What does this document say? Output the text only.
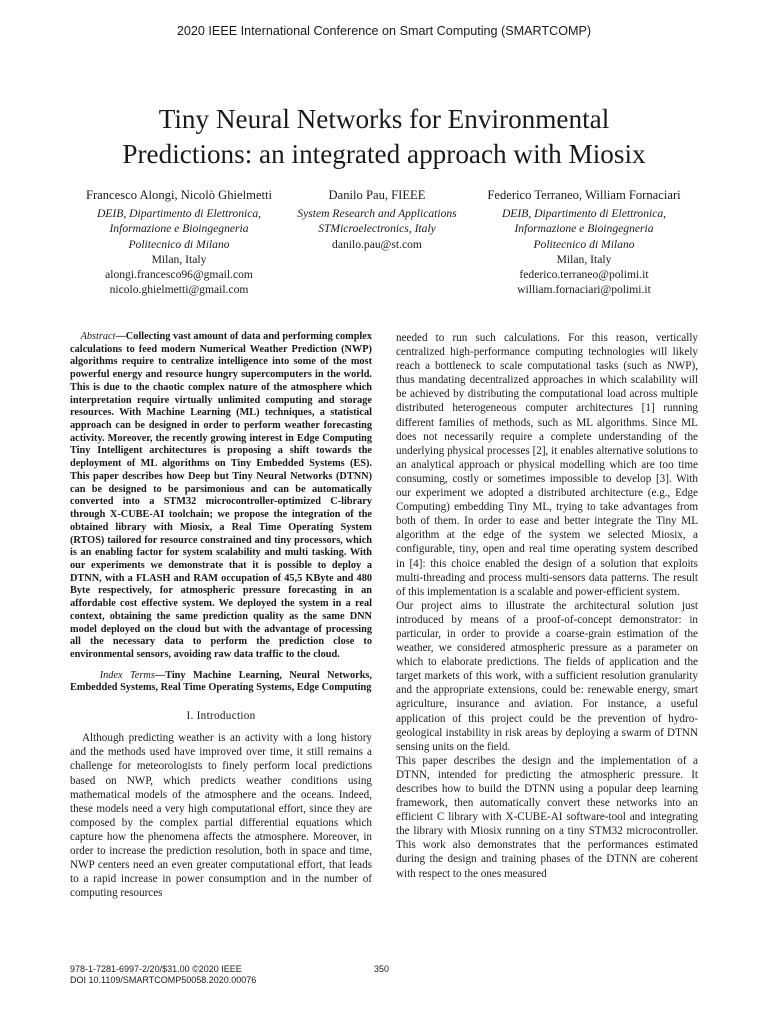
2020 IEEE International Conference on Smart Computing (SMARTCOMP)
Tiny Neural Networks for Environmental
Predictions: an integrated approach with Miosix
Francesco Alongi, Nicolò Ghielmetti
DEIB, Dipartimento di Elettronica,
Informazione e Bioingegneria
Politecnico di Milano
Milan, Italy
alongi.francesco96@gmail.com
nicolo.ghielmetti@gmail.com
Danilo Pau, FIEEE
System Research and Applications
STMicroelectronics, Italy
danilo.pau@st.com
Federico Terraneo, William Fornaciari
DEIB, Dipartimento di Elettronica,
Informazione e Bioingegneria
Politecnico di Milano
Milan, Italy
federico.terraneo@polimi.it
william.fornaciari@polimi.it
Abstract—Collecting vast amount of data and performing complex calculations to feed modern Numerical Weather Prediction (NWP) algorithms require to centralize intelligence into some of the most powerful energy and resource hungry supercomputers in the world. This is due to the chaotic complex nature of the atmosphere which interpretation require virtually unlimited computing and storage resources. With Machine Learning (ML) techniques, a statistical approach can be designed in order to perform weather forecasting activity. Moreover, the recently growing interest in Edge Computing Tiny Intelligent architectures is proposing a shift towards the deployment of ML algorithms on Tiny Embedded Systems (ES). This paper describes how Deep but Tiny Neural Networks (DTNN) can be designed to be parsimonious and can be automatically converted into a STM32 microcontroller-optimized C-library through X-CUBE-AI toolchain; we propose the integration of the obtained library with Miosix, a Real Time Operating System (RTOS) tailored for resource constrained and tiny processors, which is an enabling factor for system scalability and multi tasking. With our experiments we demonstrate that it is possible to deploy a DTNN, with a FLASH and RAM occupation of 45,5 KByte and 480 Byte respectively, for atmospheric pressure forecasting in an affordable cost effective system. We deployed the system in a real context, obtaining the same prediction quality as the same DNN model deployed on the cloud but with the advantage of processing all the necessary data to perform the prediction close to environmental sensors, avoiding raw data traffic to the cloud.
Index Terms—Tiny Machine Learning, Neural Networks, Embedded Systems, Real Time Operating Systems, Edge Computing
I. Introduction

Although predicting weather is an activity with a long history and the methods used have improved over time, it still remains a challenge for meteorologists to finely perform local predictions based on NWP, which predicts weather conditions using mathematical models of the atmosphere and the oceans. Indeed, these models need a very high computational effort, since they are composed by the complex partial differential equations which capture how the phenomena affects the atmosphere. Moreover, in order to increase the prediction resolution, both in space and time, NWP centers need an even greater computational effort, that leads to a rapid increase in power consumption and in the number of computing resources

needed to run such calculations. For this reason, vertically centralized high-performance computing technologies will likely reach a bottleneck to scale computational tasks (such as NWP), thus mandating decentralized approaches in which scalability will be achieved by distributing the computational load across multiple distributed heterogeneous computer architectures [1] running different families of methods, such as ML algorithms. Since ML does not necessarily require a complete understanding of the underlying physical processes [2], it enables alternative solutions to an analytical approach or physical modelling which are too time consuming, costly or sometimes impossible to develop [3]. With our experiment we adopted a distributed architecture (e.g., Edge Computing) embedding Tiny ML, trying to take advantages from both of them. In order to ease and better integrate the Tiny ML algorithm at the edge of the system we selected Miosix, a configurable, tiny, open and real time operating system described in [4]: this choice enabled the design of a solution that exploits multi-threading and process multi-sensors data patterns. The result of this implementation is a scalable and power-efficient system.

Our project aims to illustrate the architectural solution just introduced by means of a proof-of-concept demonstrator: in particular, in order to provide a coarse-grain estimation of the weather, we considered atmospheric pressure as a parameter on which to elaborate predictions. The fields of application and the target markets of this work, with a sufficient resolution granularity and the appropriate extensions, could be: renewable energy, smart agriculture, insurance and aviation. For instance, a useful application of this project could be the prevention of hydro-geological instability in risk areas by deploying a swarm of DTNN sensing units on the field.

This paper describes the design and the implementation of a DTNN, intended for predicting the atmospheric pressure. It describes how to build the DTNN using a popular deep learning framework, then automatically convert these networks into an efficient C library with X-CUBE-AI software-tool and integrating the library with Miosix running on a tiny STM32 microcontroller. This work also demonstrates that the performances estimated during the design and training phases of the DTNN are coherent with respect to the ones measured

978-1-7281-6997-2/20/$31.00 ©2020 IEEE
DOI 10.1109/SMARTCOMP50058.2020.00076
350
